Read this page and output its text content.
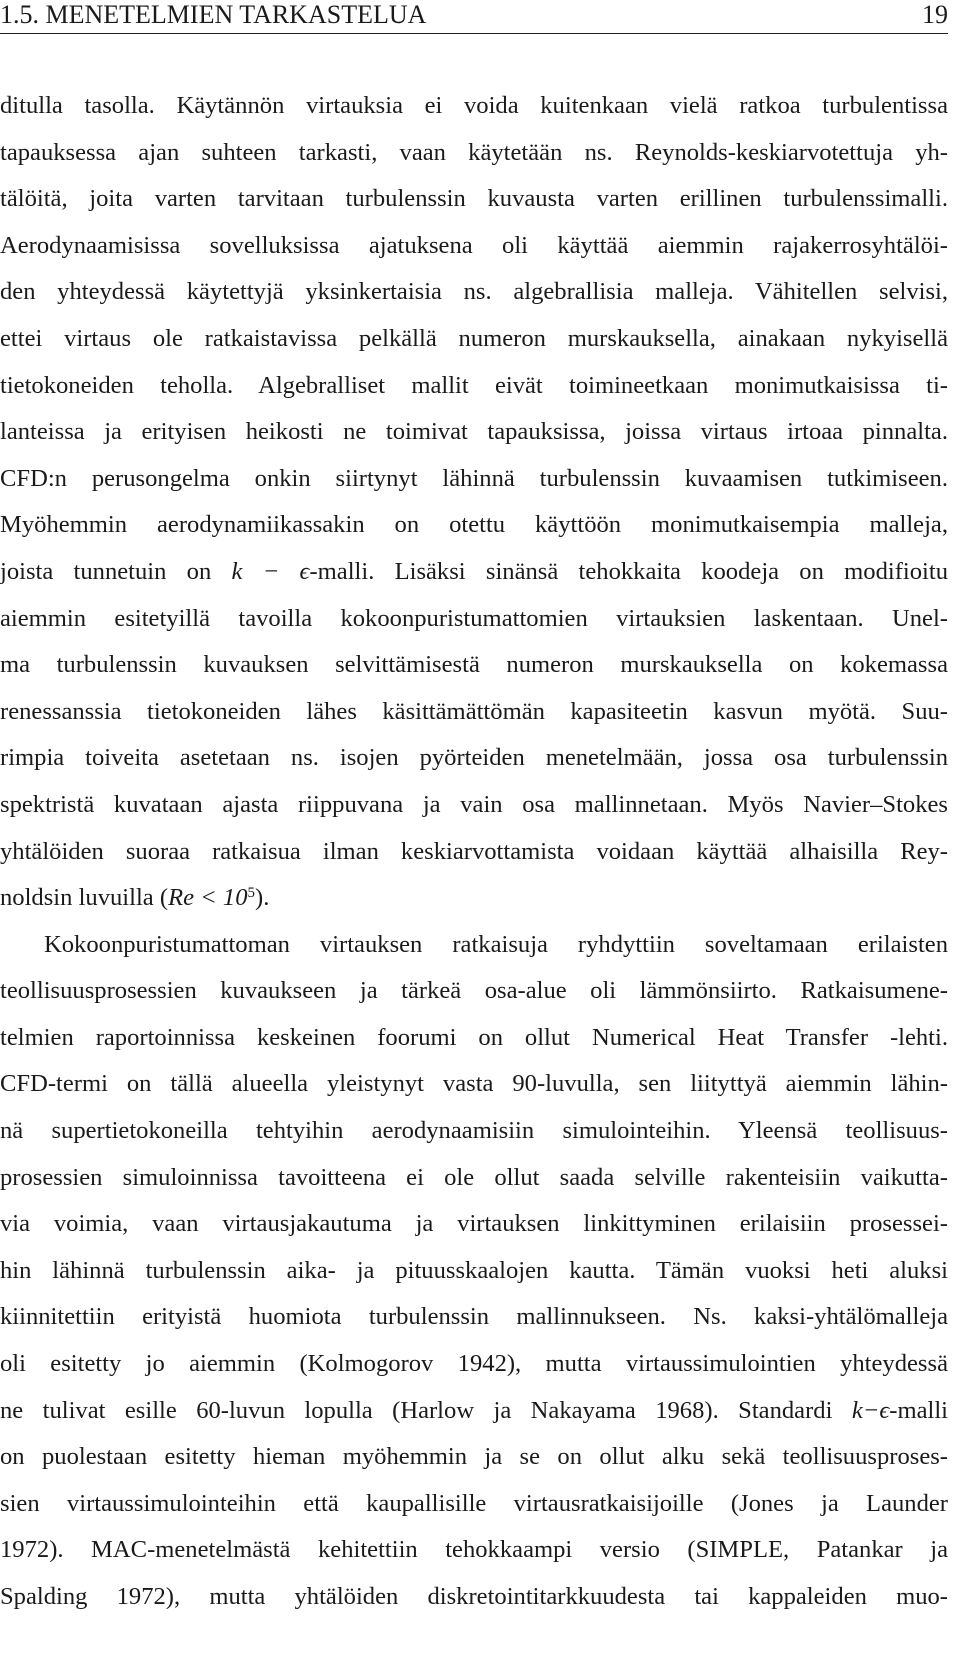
1.5. MENETELMIEN TARKASTELUA	19
ditulla tasolla. Käytännön virtauksia ei voida kuitenkaan vielä ratkoa turbulentissa
tapauksessa ajan suhteen tarkasti, vaan käytetään ns. Reynolds-keskiarvotettuja yh-
tälöitä, joita varten tarvitaan turbulenssin kuvausta varten erillinen turbulenssimalli.
Aerodynaamisissa sovelluksissa ajatuksena oli käyttää aiemmin rajakerrosyhtälöi-
den yhteydessä käytettyjä yksinkertaisia ns. algebrallisia malleja. Vähitellen selvisi,
ettei virtaus ole ratkaistavissa pelkällä numeron murskauksella, ainakaan nykyisellä
tietokoneiden teholla. Algebralliset mallit eivät toimineetkaan monimutkaisissa ti-
lanteissa ja erityisen heikosti ne toimivat tapauksissa, joissa virtaus irtoaa pinnalta.
CFD:n perusongelma onkin siirtynyt lähinnä turbulenssin kuvaamisen tutkimiseen.
Myöhemmin aerodynamiikassakin on otettu käyttöön monimutkaisempia malleja,
joista tunnetuin on k − ϵ-malli. Lisäksi sinänsä tehokkaita koodeja on modifioitu
aiemmin esitetyillä tavoilla kokoonpuristumattomien virtauksien laskentaan. Unel-
ma turbulenssin kuvauksen selvittämisestä numeron murskauksella on kokemassa
renessanssia tietokoneiden lähes käsittämättömän kapasiteetin kasvun myötä. Suu-
rimpia toiveita asetetaan ns. isojen pyörteiden menetelmään, jossa osa turbulenssin
spektristä kuvataan ajasta riippuvana ja vain osa mallinnetaan. Myös Navier–Stokes
yhtälöiden suoraa ratkaisua ilman keskiarvottamista voidaan käyttää alhaisilla Rey-
noldsin luvuilla $(Re < 10^5)$.
Kokoonpuristumattoman virtauksen ratkaisuja ryhdyttiin soveltamaan erilaisten
teollisuusprosessien kuvaukseen ja tärkeä osa-alue oli lämmönsiirto. Ratkaisumene-
telmien raportoinnissa keskeinen foorumi on ollut Numerical Heat Transfer -lehti.
CFD-termi on tällä alueella yleistynyt vasta 90-luvulla, sen liityttyä aiemmin lähin-
nä supertietokoneilla tehtyihin aerodynaamisiin simulointeihin. Yleensä teollisuus-
prosessien simuloinnissa tavoitteena ei ole ollut saada selville rakenteisiin vaikutta-
via voimia, vaan virtausjakautuma ja virtauksen linkittyminen erilaisiin prosessei-
hin lähinnä turbulenssin aika- ja pituusskaalojen kautta. Tämän vuoksi heti aluksi
kiinnitettiin erityistä huomiota turbulenssin mallinnukseen. Ns. kaksi-yhtälömalleja
oli esitetty jo aiemmin (Kolmogorov 1942), mutta virtaussimulointien yhteydessä
ne tulivat esille 60-luvun lopulla (Harlow ja Nakayama 1968). Standardi k−ϵ-malli
on puolestaan esitetty hieman myöhemmin ja se on ollut alku sekä teollisuusproses-
sien virtaussimulointeihin että kaupallisille virtausratkaisijoille (Jones ja Launder
1972). MAC-menetelmästä kehitettiin tehokkaampi versio (SIMPLE, Patankar ja
Spalding 1972), mutta yhtälöiden diskretointitarkkuudesta tai kappaleiden muo-
